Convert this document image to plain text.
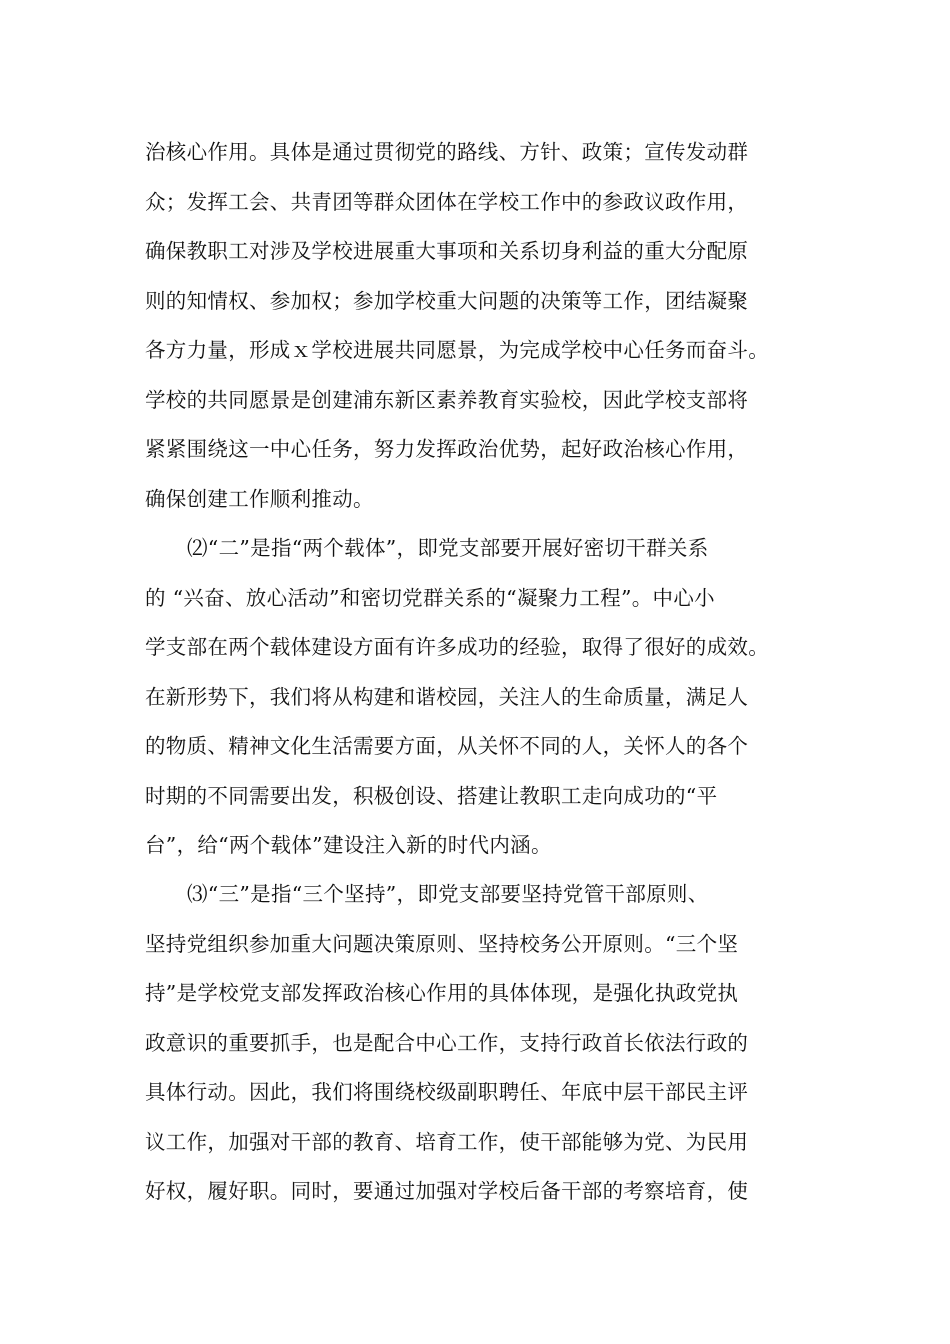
治核心作用。具体是通过贯彻党的路线、方针、政策；宣传发动群
众；发挥工会、共青团等群众团体在学校工作中的参政议政作用，
确保教职工对涉及学校进展重大事项和关系切身利益的重大分配原
则的知情权、参加权；参加学校重大问题的决策等工作，团结凝聚
各方力量，形成ｘ学校进展共同愿景，为完成学校中心任务而奋斗。
学校的共同愿景是创建浦东新区素养教育实验校，因此学校支部将
紧紧围绕这一中心任务，努力发挥政治优势，起好政治核心作用，
确保创建工作顺利推动。
⑵“二”是指“两个载体”，即党支部要开展好密切干群关系
的 “兴奋、放心活动”和密切党群关系的“凝聚力工程”。中心小
学支部在两个载体建设方面有许多成功的经验，取得了很好的成效。
在新形势下，我们将从构建和谐校园，关注人的生命质量，满足人
的物质、精神文化生活需要方面，从关怀不同的人，关怀人的各个
时期的不同需要出发，积极创设、搭建让教职工走向成功的“平
台”，给“两个载体”建设注入新的时代内涵。
⑶“三”是指“三个坚持”，即党支部要坚持党管干部原则、
坚持党组织参加重大问题决策原则、坚持校务公开原则。“三个坚
持”是学校党支部发挥政治核心作用的具体体现，是强化执政党执
政意识的重要抓手，也是配合中心工作，支持行政首长依法行政的
具体行动。因此，我们将围绕校级副职聘任、年底中层干部民主评
议工作，加强对干部的教育、培育工作，使干部能够为党、为民用
好权，履好职。同时，要通过加强对学校后备干部的考察培育，使
